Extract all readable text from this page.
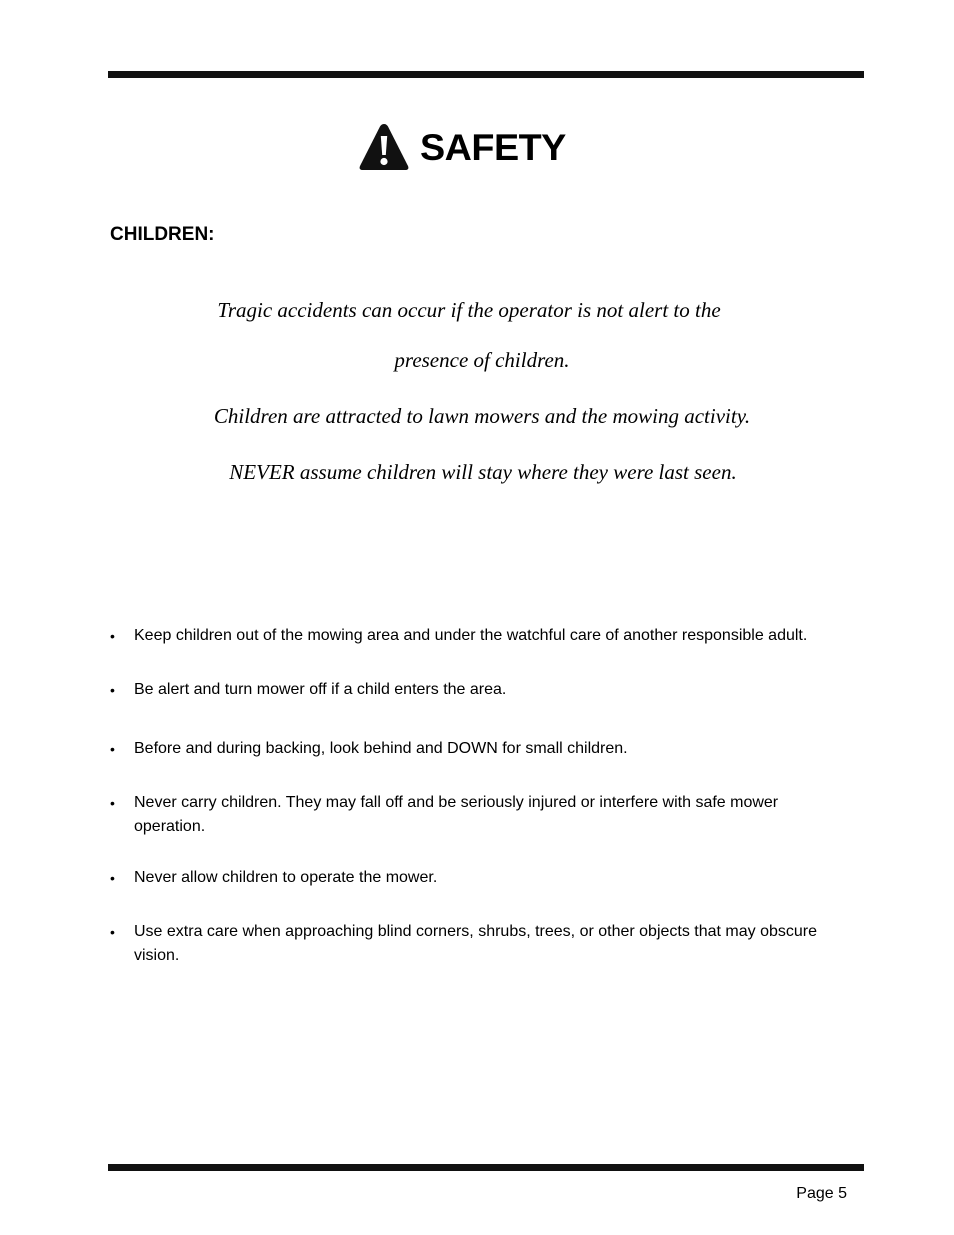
SAFETY
CHILDREN:
Tragic accidents can occur if the operator is not alert to the
presence of children.
Children are attracted to lawn mowers and the mowing activity.
NEVER assume children will stay where they were last seen.
•	Keep children out of the mowing area and under the watchful care of another responsible adult.
•	Be alert and turn mower off if a child enters the area.
•	Before and during backing, look behind and DOWN for small children.
•	Never carry children. They may fall off and be seriously injured or interfere with safe mower operation.
•	Never allow children to operate the mower.
•	Use extra care when approaching blind corners, shrubs, trees, or other objects that may obscure vision.
Page 5
